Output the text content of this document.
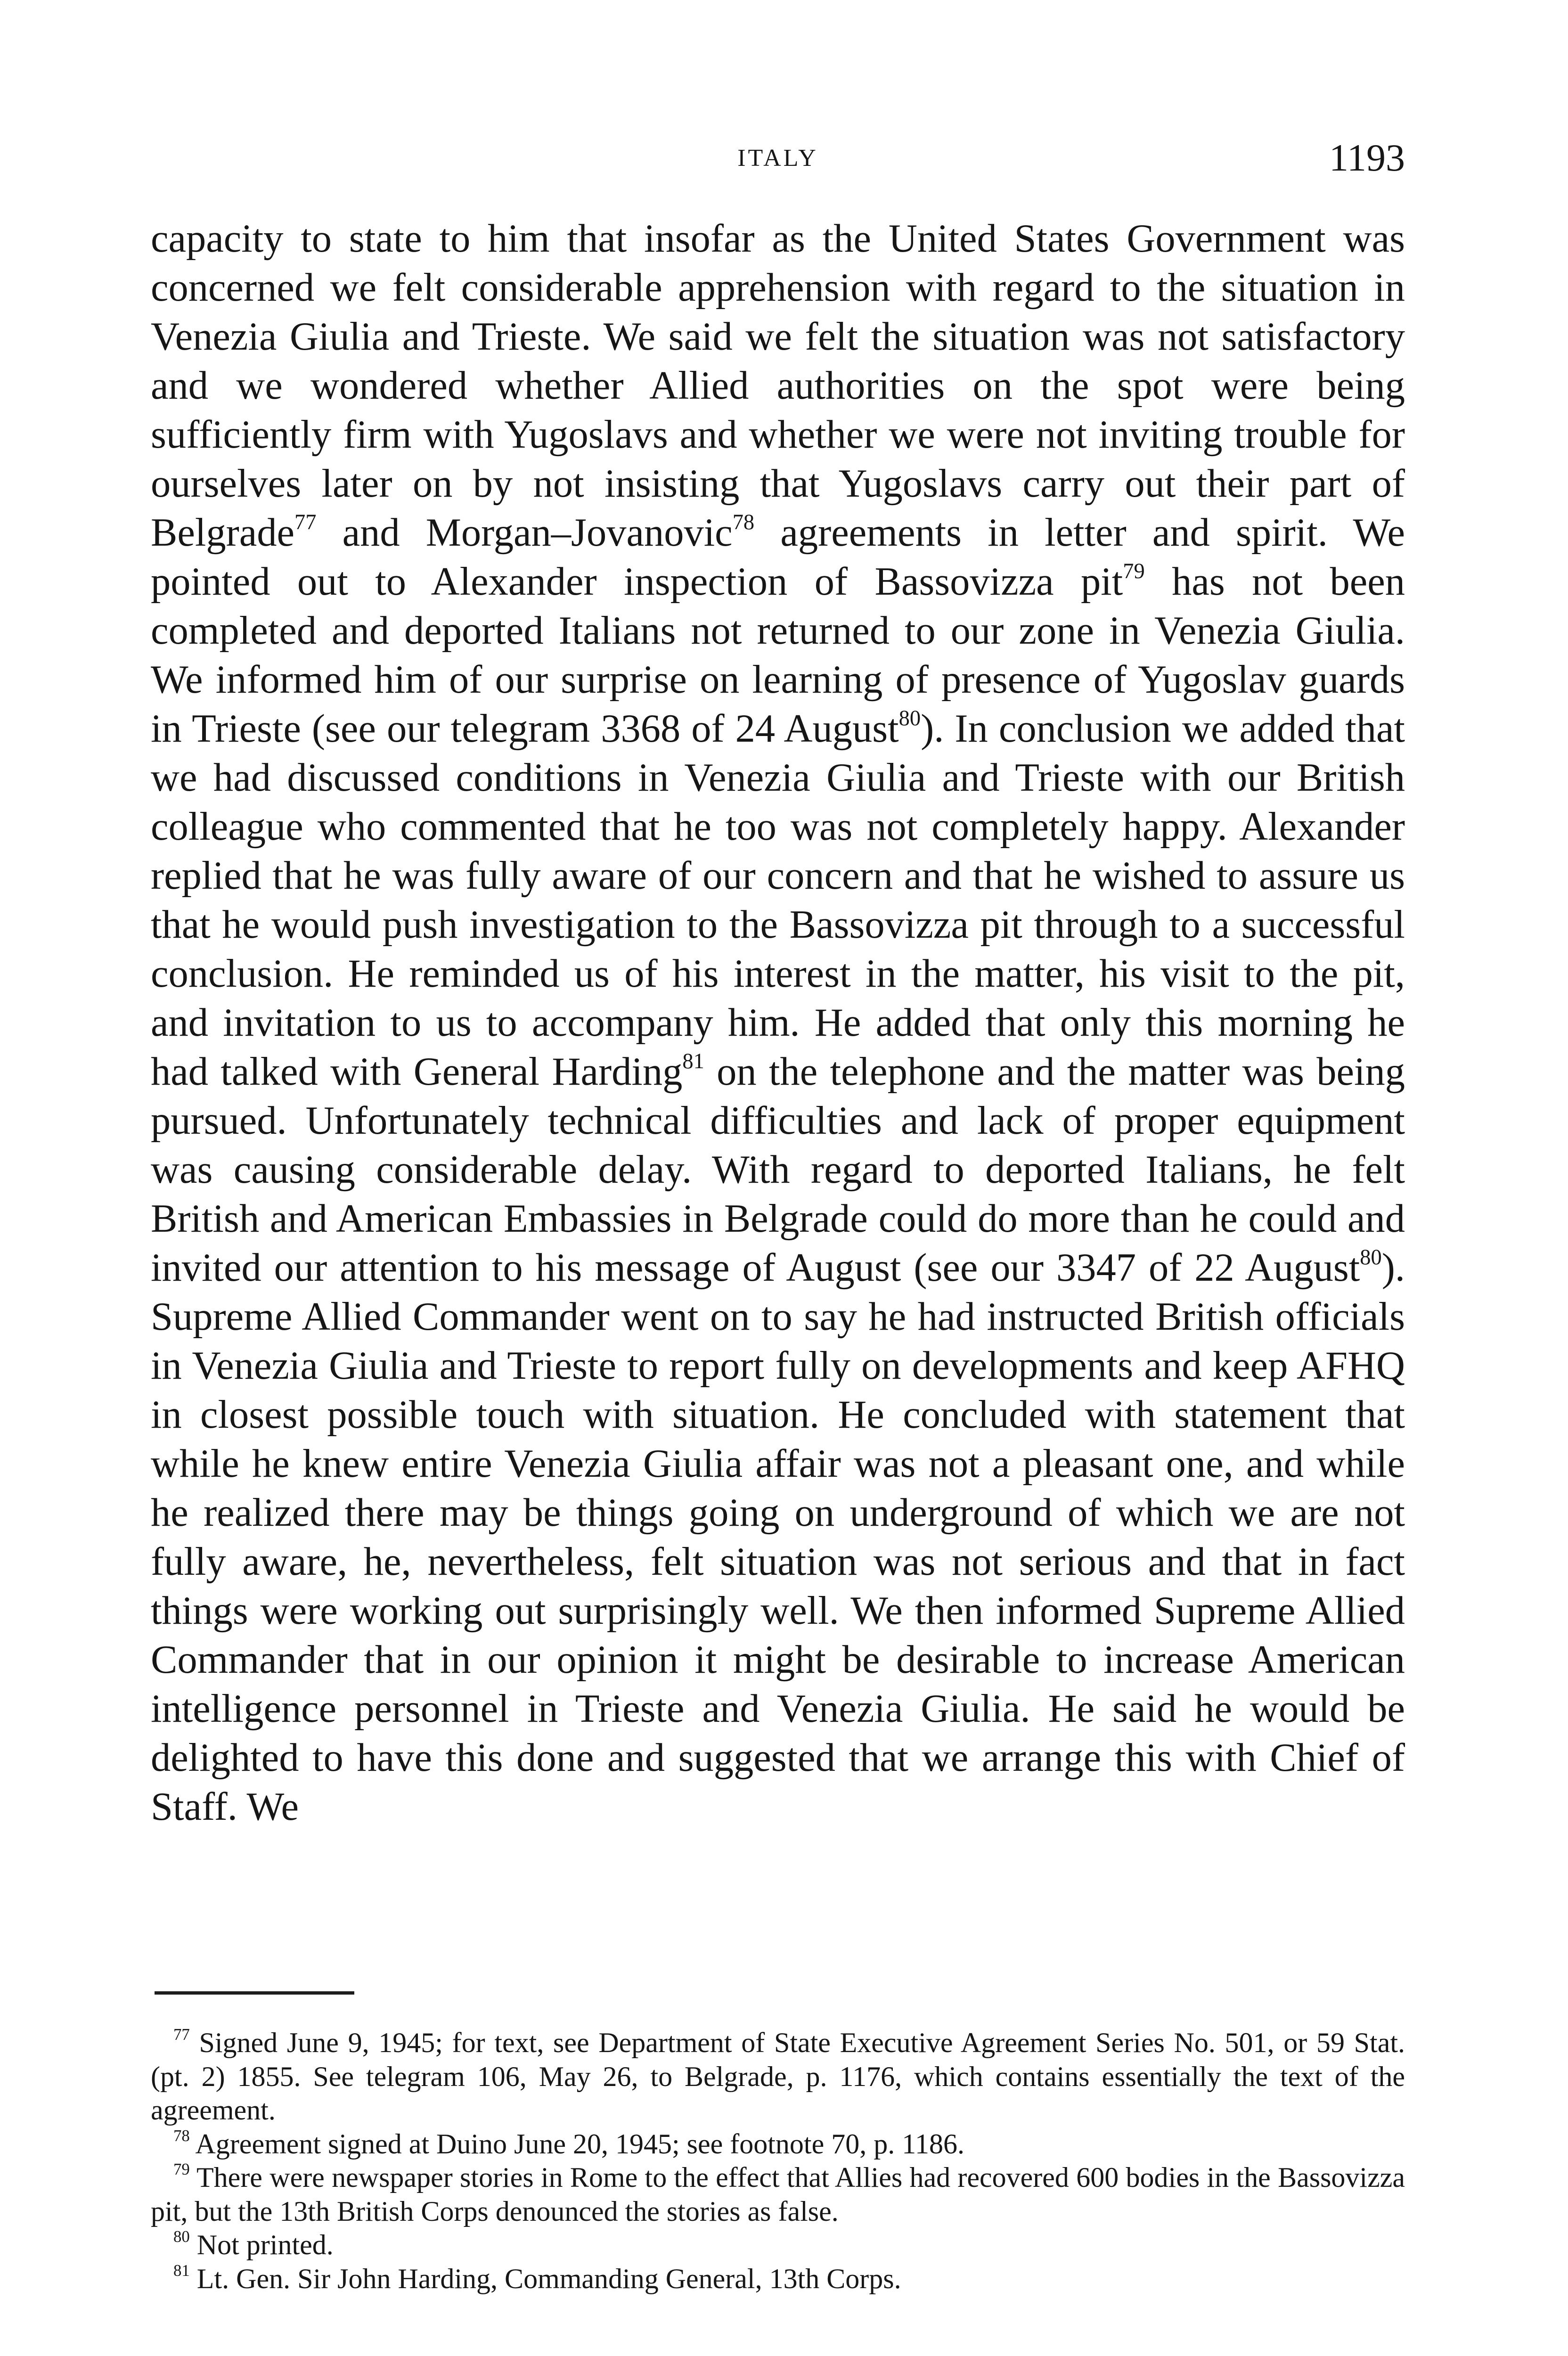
ITALY	1193

capacity to state to him that insofar as the United States Government was concerned we felt considerable apprehension with regard to the situation in Venezia Giulia and Trieste. We said we felt the situation was not satisfactory and we wondered whether Allied authorities on the spot were being sufficiently firm with Yugoslavs and whether we were not inviting trouble for ourselves later on by not insisting that Yugoslavs carry out their part of Belgrade$^{77}$ and Morgan–Jovanovic$^{78}$ agreements in letter and spirit. We pointed out to Alexander inspection of Bassovizza pit$^{79}$ has not been completed and deported Italians not returned to our zone in Venezia Giulia. We informed him of our surprise on learning of presence of Yugoslav guards in Trieste (see our telegram 3368 of 24 August$^{80}$). In conclusion we added that we had discussed conditions in Venezia Giulia and Trieste with our British colleague who commented that he too was not completely happy. Alexander replied that he was fully aware of our concern and that he wished to assure us that he would push investigation to the Bassovizza pit through to a successful conclusion. He reminded us of his interest in the matter, his visit to the pit, and invitation to us to accompany him. He added that only this morning he had talked with General Harding$^{81}$ on the telephone and the matter was being pursued. Unfortunately technical difficulties and lack of proper equipment was causing considerable delay. With regard to deported Italians, he felt British and American Embassies in Belgrade could do more than he could and invited our attention to his message of August (see our 3347 of 22 August$^{80}$). Supreme Allied Commander went on to say he had instructed British officials in Venezia Giulia and Trieste to report fully on developments and keep AFHQ in closest possible touch with situation. He concluded with statement that while he knew entire Venezia Giulia affair was not a pleasant one, and while he realized there may be things going on underground of which we are not fully aware, he, nevertheless, felt situation was not serious and that in fact things were working out surprisingly well. We then informed Supreme Allied Commander that in our opinion it might be desirable to increase American intelligence personnel in Trieste and Venezia Giulia. He said he would be delighted to have this done and suggested that we arrange this with Chief of Staff. We

$^{77}$ Signed June 9, 1945; for text, see Department of State Executive Agreement Series No. 501, or 59 Stat. (pt. 2) 1855. See telegram 106, May 26, to Belgrade, p. 1176, which contains essentially the text of the agreement.

$^{78}$ Agreement signed at Duino June 20, 1945; see footnote 70, p. 1186.

$^{79}$ There were newspaper stories in Rome to the effect that Allies had recovered 600 bodies in the Bassovizza pit, but the 13th British Corps denounced the stories as false.

$^{80}$ Not printed.

$^{81}$ Lt. Gen. Sir John Harding, Commanding General, 13th Corps.
